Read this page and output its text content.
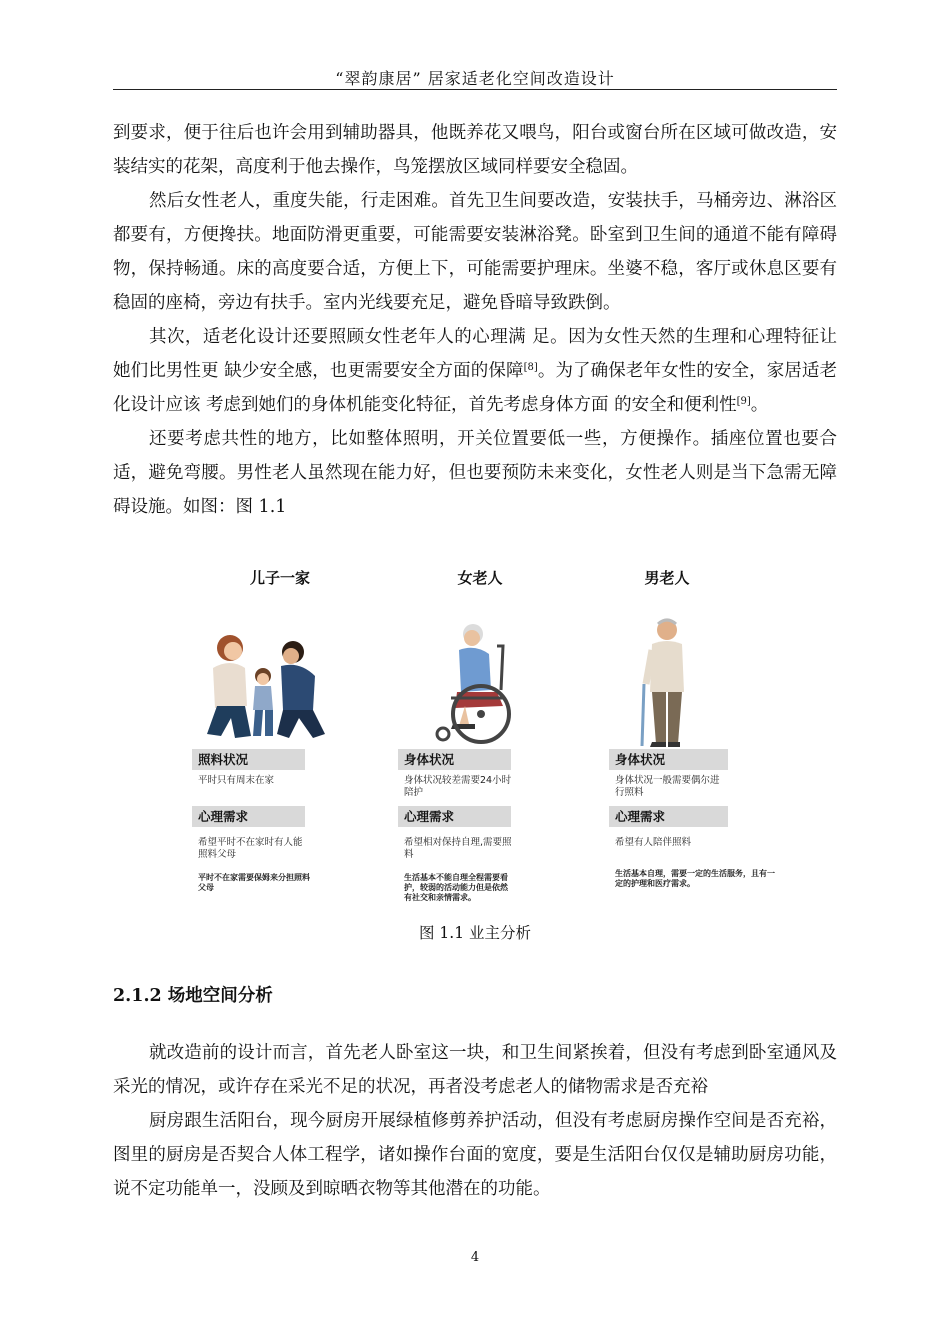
“翠韵康居” 居家适老化空间改造设计

到要求，便于往后也许会用到辅助器具，他既养花又喂鸟，阳台或窗台所在区域可做改造，安装结实的花架，高度利于他去操作，鸟笼摆放区域同样要安全稳固。

然后女性老人，重度失能，行走困难。首先卫生间要改造，安装扶手，马桶旁边、淋浴区都要有，方便搀扶。地面防滑更重要，可能需要安装淋浴凳。卧室到卫生间的通道不能有障碍物，保持畅通。床的高度要合适，方便上下，可能需要护理床。坐婆不稳，客厅或休息区要有稳固的座椅，旁边有扶手。室内光线要充足，避免昏暗导致跌倒。

其次，适老化设计还要照顾女性老年人的心理满 足。因为女性天然的生理和心理特征让她们比男性更 缺少安全感，也更需要安全方面的保障[8]。为了确保老年女性的安全，家居适老化设计应该 考虑到她们的身体机能变化特征，首先考虑身体方面 的安全和便利性[9]。

还要考虑共性的地方，比如整体照明，开关位置要低一些，方便操作。插座位置也要合适，避免弯腰。男性老人虽然现在能力好，但也要预防未来变化，女性老人则是当下急需无障碍设施。如图：图 1.1

儿子一家
照料状况
平时只有周末在家
心理需求
希望平时不在家时有人能照料父母
平时不在家需要保姆来分担照料父母
女老人
身体状况
身体状况较差需要24小时陪护
心理需求
希望相对保持自理,需要照料
生活基本不能自理全程需要看护，较弱的活动能力但是依然有社交和亲情需求。
男老人
身体状况
身体状况一般需要偶尔进行照料
心理需求
希望有人陪伴照料
生活基本自理，需要一定的生活服务，且有一定的护理和医疗需求。
图 1.1 业主分析
2.1.2 场地空间分析

就改造前的设计而言，首先老人卧室这一块，和卫生间紧挨着，但没有考虑到卧室通风及采光的情况，或许存在采光不足的状况，再者没考虑老人的储物需求是否充裕

厨房跟生活阳台，现今厨房开展绿植修剪养护活动，但没有考虑厨房操作空间是否充裕，图里的厨房是否契合人体工程学，诸如操作台面的宽度，要是生活阳台仅仅是辅助厨房功能，说不定功能单一，没顾及到晾晒衣物等其他潜在的功能。

4
